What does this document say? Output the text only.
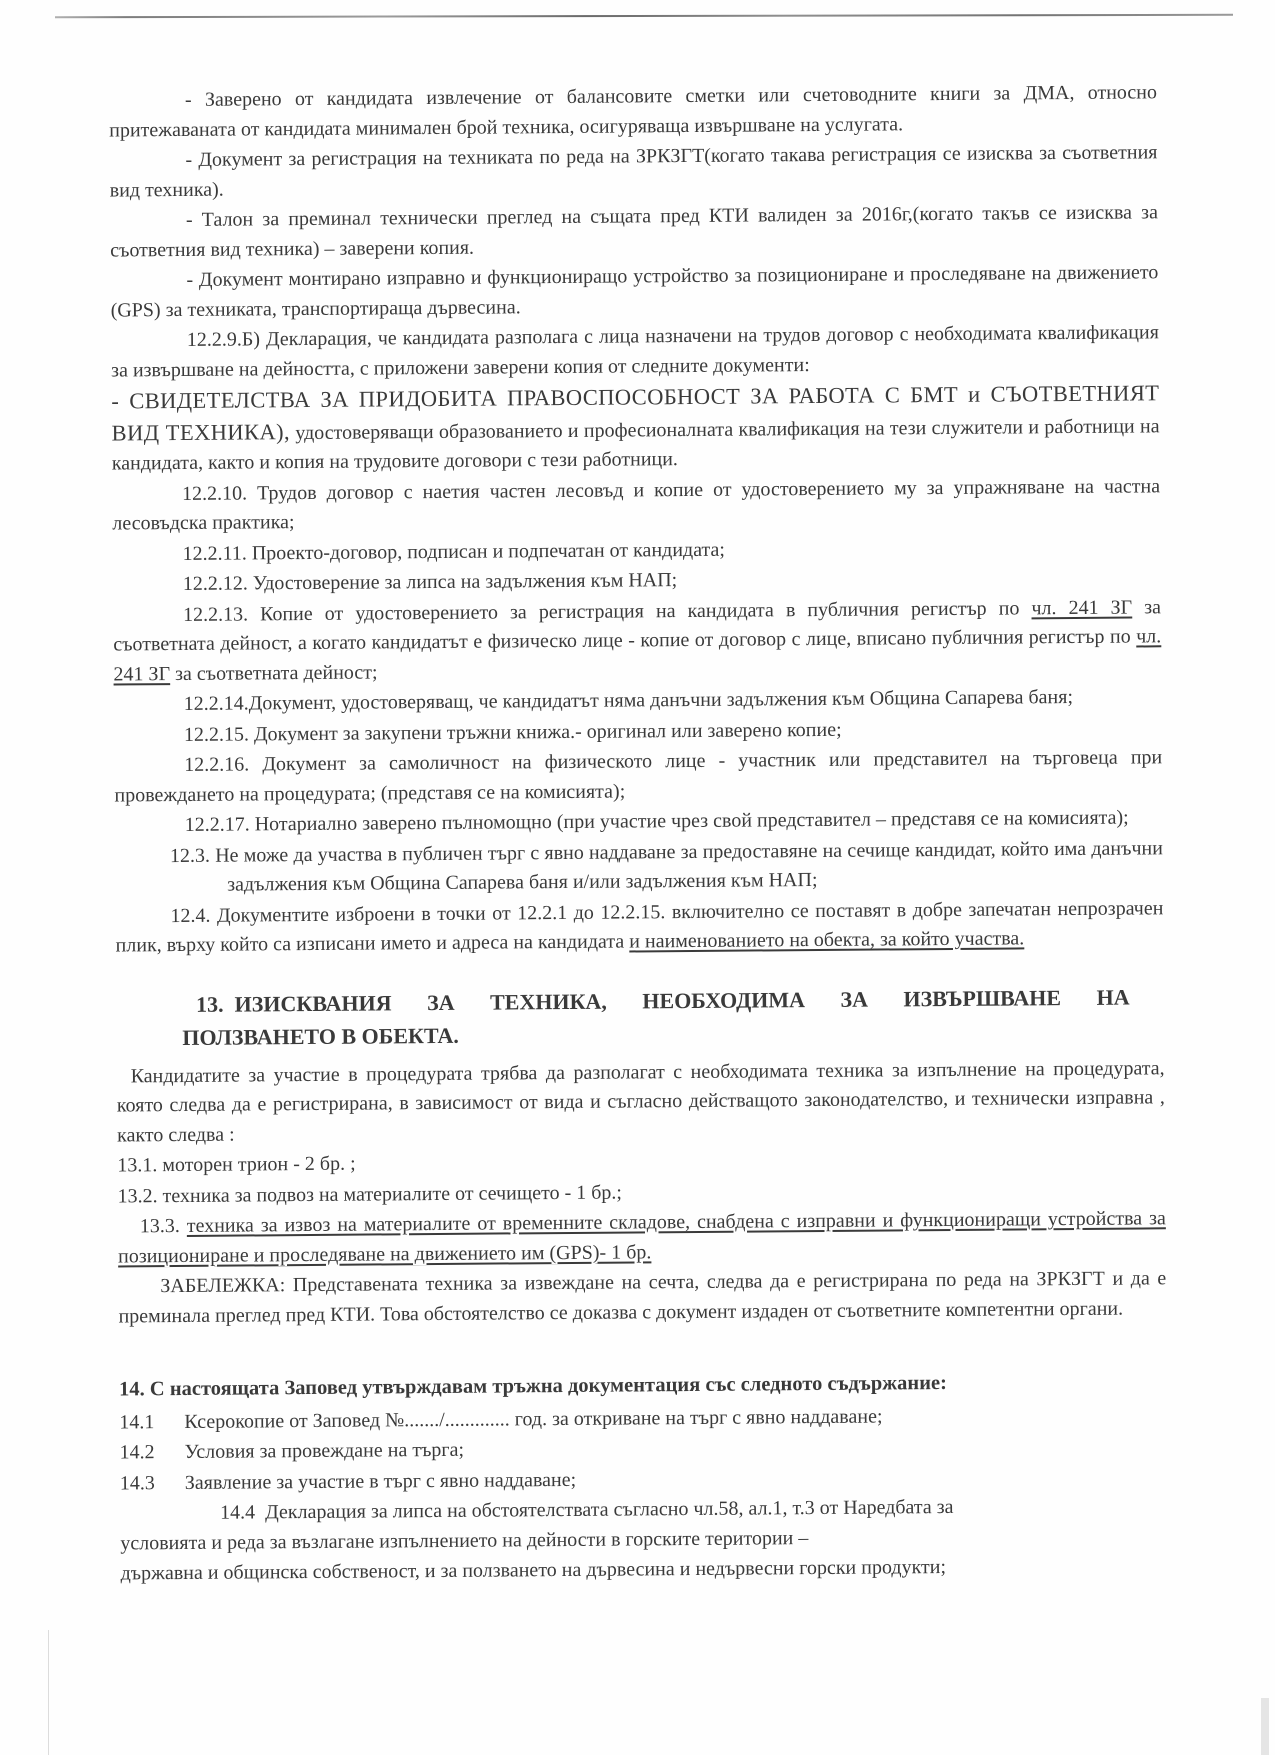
- Заверено от кандидата извлечение от балансовите сметки или счетоводните книги за ДМА, относно притежаваната от кандидата минимален брой техника, осигуряваща извършване на услугата.

- Документ за регистрация на техниката по реда на ЗРКЗГТ(когато такава регистрация се изисква за съответния вид техника).

- Талон за преминал технически преглед на същата пред КТИ валиден за 2016г,(когато такъв се изисква за съответния вид техника) – заверени копия.

- Документ монтирано изправно и функциониращо устройство за позициониране и проследяване на движението (GPS) за техниката, транспортираща дървесина.

12.2.9.Б) Декларация, че кандидата разполага с лица назначени на трудов договор с необходимата квалификация за извършване на дейността, с приложени заверени копия от следните документи:

- СВИДЕТЕЛСТВА ЗА ПРИДОБИТА ПРАВОСПОСОБНОСТ ЗА РАБОТА С БМТ и СЪОТВЕТНИЯТ ВИД ТЕХНИКА), удостоверяващи образованието и професионалната квалификация на тези служители и работници на кандидата, както и копия на трудовите договори с тези работници.

12.2.10. Трудов договор с наетия частен лесовъд и копие от удостоверението му за упражняване на частна лесовъдска практика;

12.2.11. Проекто-договор, подписан и подпечатан от кандидата;

12.2.12. Удостоверение за липса на задължения към НАП;

12.2.13. Копие от удостоверението за регистрация на кандидата в публичния регистър по чл. 241 ЗГ за съответната дейност, а когато кандидатът е физическо лице - копие от договор с лице, вписано публичния регистър по чл. 241 ЗГ за съответната дейност;

12.2.14.Документ, удостоверяващ, че кандидатът няма данъчни задължения към Община Сапарева баня;

12.2.15. Документ за закупени тръжни книжа.- оригинал или заверено копие;

12.2.16. Документ за самоличност на физическото лице - участник или представител на търговеца при провеждането на процедурата; (представя се на комисията);

12.2.17. Нотариално заверено пълномощно (при участие чрез свой представител – представя се на комисията);

12.3. Не може да участва в публичен търг с явно наддаване за предоставяне на сечище кандидат, който има данъчни задължения към Община Сапарева баня и/или задължения към НАП;

12.4. Документите изброени в точки от 12.2.1 до 12.2.15. включително се поставят в добре запечатан непрозрачен плик, върху който са изписани името и адреса на кандидата и наименованието на обекта, за който участва.

13. ИЗИСКВАНИЯ ЗА ТЕХНИКА, НЕОБХОДИМА ЗА ИЗВЪРШВАНЕ НА
ПОЛЗВАНЕТО В ОБЕКТА.

Кандидатите за участие в процедурата трябва да разполагат с необходимата техника за изпълнение на процедурата, която следва да е регистрирана, в зависимост от вида и съгласно действащото законодателство, и технически изправна , както следва :

13.1. моторен трион - 2 бр. ;

13.2. техника за подвоз на материалите от сечището - 1 бр.;

13.3. техника за извоз на материалите от временните складове, снабдена с изправни и функциониращи устройства за позициониране и проследяване на движението им (GPS)- 1 бр.

ЗАБЕЛЕЖКА: Представената техника за извеждане на сечта, следва да е регистрирана по реда на ЗРКЗГТ и да е преминала преглед пред КТИ. Това обстоятелство се доказва с документ издаден от съответните компетентни органи.

14. С настоящата Заповед утвърждавам тръжна документация със следното съдържание:

14.1   Ксерокопие от Заповед №......./............. год. за откриване на търг с явно наддаване;

14.2   Условия за провеждане на търга;

14.3   Заявление за участие в търг с явно наддаване;

14.4 Декларация за липса на обстоятелствата съгласно чл.58, ал.1, т.3 от Наредбата за
условията и реда за възлагане изпълнението на дейности в горските територии –

държавна и общинска собственост, и за ползването на дървесина и недървесни горски продукти;
